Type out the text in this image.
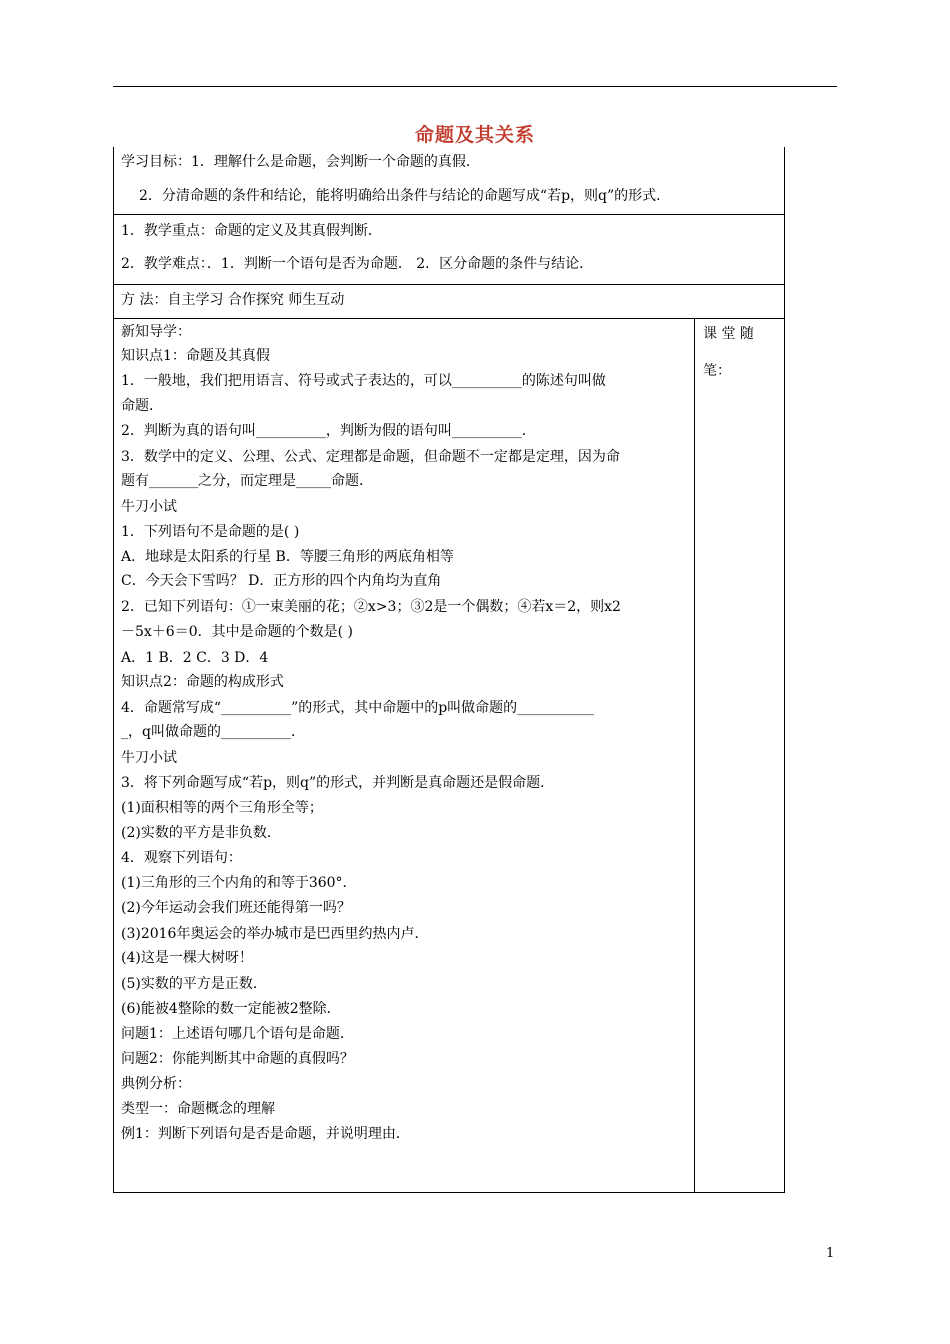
命题及其关系
学习目标：1．理解什么是命题，会判断一个命题的真假．
2．分清命题的条件和结论，能将明确给出条件与结论的命题写成“若p，则q”的形式．
1．教学重点：命题的定义及其真假判断．
2．教学难点：．1．判断一个语句是否为命题． 2．区分命题的条件与结论．
方 法：自主学习 合作探究 师生互动
课 堂 随
笔：
新知导学：
知识点1：命题及其真假
1．一般地，我们把用语言、符号或式子表达的，可以__________的陈述句叫做
命题．
2．判断为真的语句叫__________，判断为假的语句叫__________．
3．数学中的定义、公理、公式、定理都是命题，但命题不一定都是定理，因为命
题有_______之分，而定理是_____命题．
牛刀小试
1．下列语句不是命题的是( )
A．地球是太阳系的行星 B．等腰三角形的两底角相等
C．今天会下雪吗？ D．正方形的四个内角均为直角
2．已知下列语句：①一束美丽的花；②x>3；③2是一个偶数；④若x＝2，则x2
－5x＋6＝0．其中是命题的个数是( )
A．1 B．2 C．3 D．4
知识点2：命题的构成形式
4．命题常写成“__________”的形式，其中命题中的p叫做命题的___________
_，q叫做命题的__________．
牛刀小试
3．将下列命题写成“若p，则q”的形式，并判断是真命题还是假命题．
(1)面积相等的两个三角形全等；
(2)实数的平方是非负数．
4．观察下列语句：
(1)三角形的三个内角的和等于360°．
(2)今年运动会我们班还能得第一吗？
(3)2016年奥运会的举办城市是巴西里约热内卢．
(4)这是一棵大树呀！
(5)实数的平方是正数．
(6)能被4整除的数一定能被2整除．
问题1：上述语句哪几个语句是命题．
问题2：你能判断其中命题的真假吗？
典例分析：
类型一：命题概念的理解
例1：判断下列语句是否是命题，并说明理由．
1
